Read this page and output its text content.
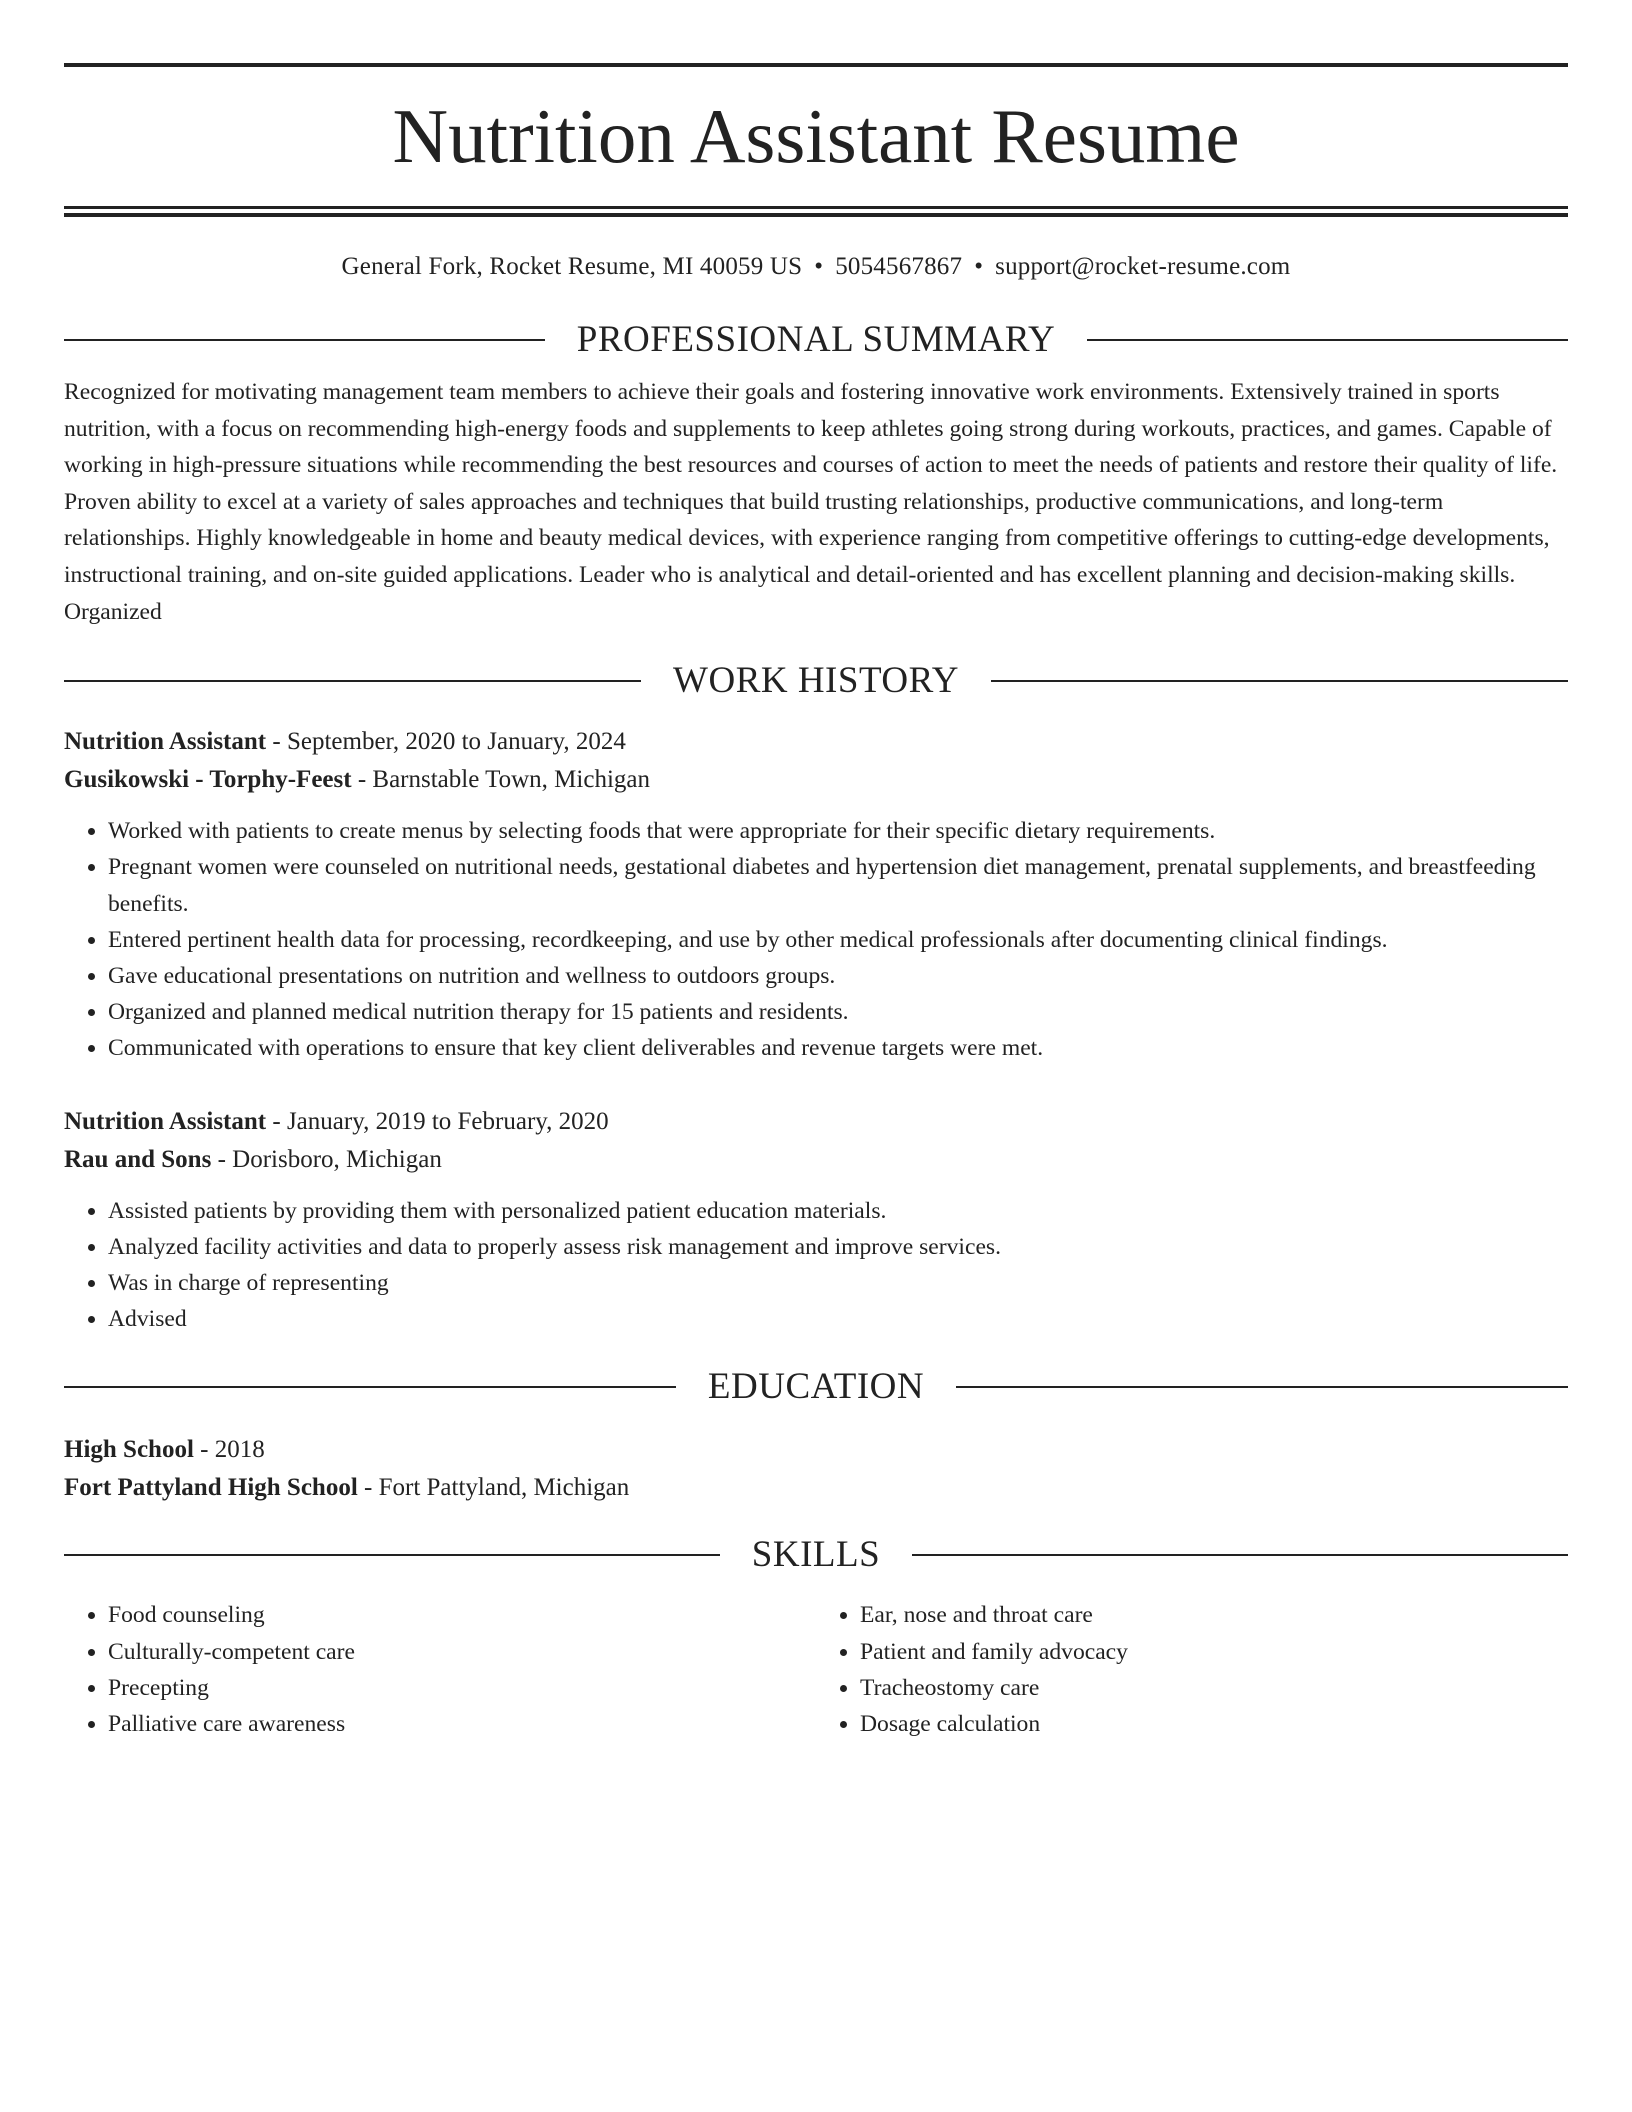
Nutrition Assistant Resume
General Fork, Rocket Resume, MI 40059 US • 5054567867 • support@rocket-resume.com
PROFESSIONAL SUMMARY
Recognized for motivating management team members to achieve their goals and fostering innovative work environments. Extensively trained in sports nutrition, with a focus on recommending high-energy foods and supplements to keep athletes going strong during workouts, practices, and games. Capable of working in high-pressure situations while recommending the best resources and courses of action to meet the needs of patients and restore their quality of life. Proven ability to excel at a variety of sales approaches and techniques that build trusting relationships, productive communications, and long-term relationships. Highly knowledgeable in home and beauty medical devices, with experience ranging from competitive offerings to cutting-edge developments, instructional training, and on-site guided applications. Leader who is analytical and detail-oriented and has excellent planning and decision-making skills. Organized
WORK HISTORY
Nutrition Assistant - September, 2020 to January, 2024
Gusikowski - Torphy-Feest - Barnstable Town, Michigan
• Worked with patients to create menus by selecting foods that were appropriate for their specific dietary requirements.
• Pregnant women were counseled on nutritional needs, gestational diabetes and hypertension diet management, prenatal supplements, and breastfeeding benefits.
• Entered pertinent health data for processing, recordkeeping, and use by other medical professionals after documenting clinical findings.
• Gave educational presentations on nutrition and wellness to outdoors groups.
• Organized and planned medical nutrition therapy for 15 patients and residents.
• Communicated with operations to ensure that key client deliverables and revenue targets were met.
Nutrition Assistant - January, 2019 to February, 2020
Rau and Sons - Dorisboro, Michigan
• Assisted patients by providing them with personalized patient education materials.
• Analyzed facility activities and data to properly assess risk management and improve services.
• Was in charge of representing
• Advised
EDUCATION
High School - 2018
Fort Pattyland High School - Fort Pattyland, Michigan
SKILLS
• Food counseling
• Culturally-competent care
• Precepting
• Palliative care awareness
• Ear, nose and throat care
• Patient and family advocacy
• Tracheostomy care
• Dosage calculation
